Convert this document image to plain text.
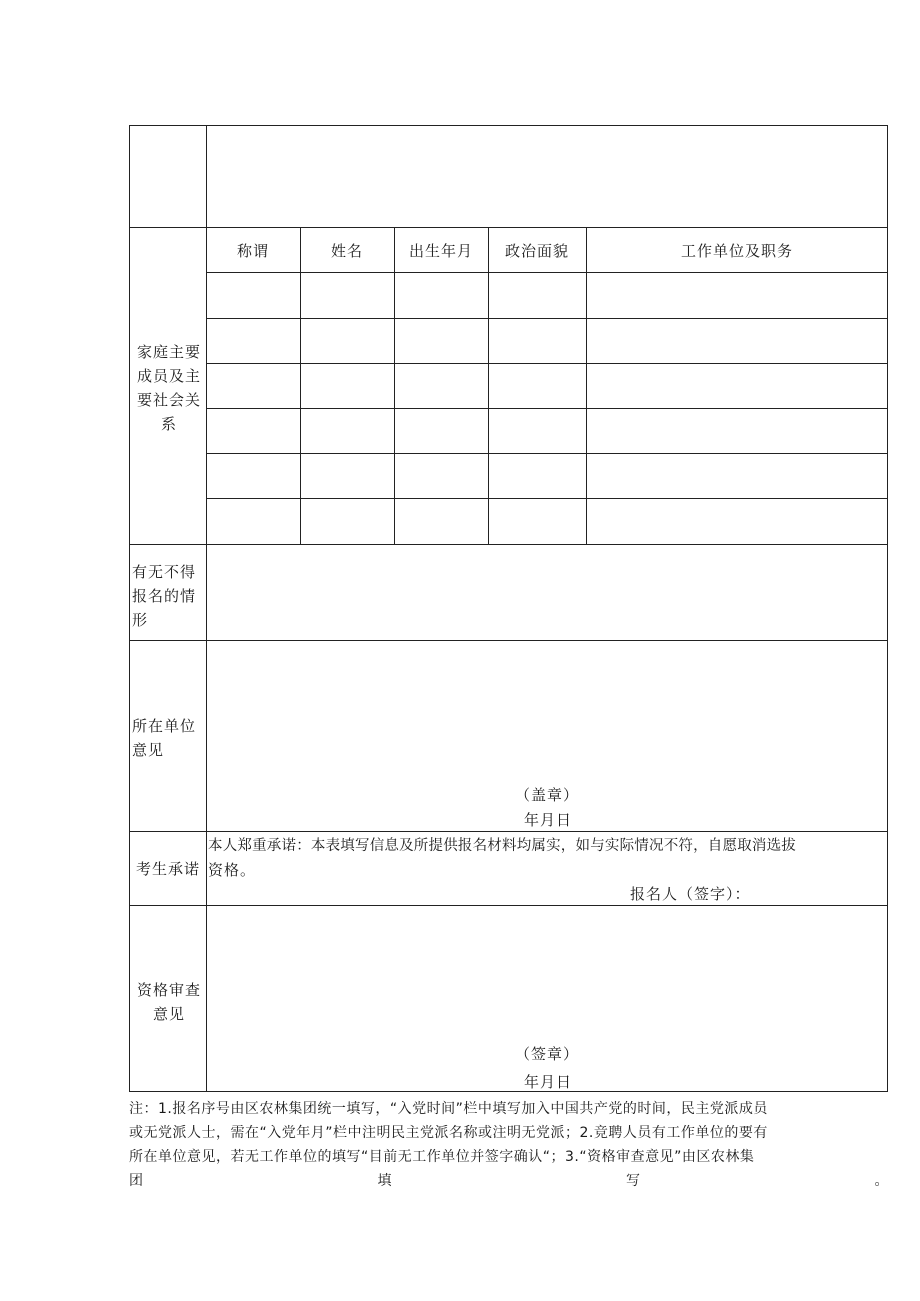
家庭主要
成员及主
要社会关
系
称谓	姓名	出生年月	政治面貌	工作单位及职务
有无不得
报名的情
形
所在单位
意见
（盖章）
年月日
考生承诺
本人郑重承诺：本表填写信息及所提供报名材料均属实，如与实际情况不符，自愿取消选拔
资格。
报名人（签字）：
资格审查
意见
（签章）
年月日
注：1.报名序号由区农林集团统一填写，“入党时间”栏中填写加入中国共产党的时间，民主党派成员
或无党派人士，需在“入党年月”栏中注明民主党派名称或注明无党派；2.竞聘人员有工作单位的要有
所在单位意见，若无工作单位的填写“目前无工作单位并签字确认“；3.“资格审查意见”由区农林集
团	填	写	。
